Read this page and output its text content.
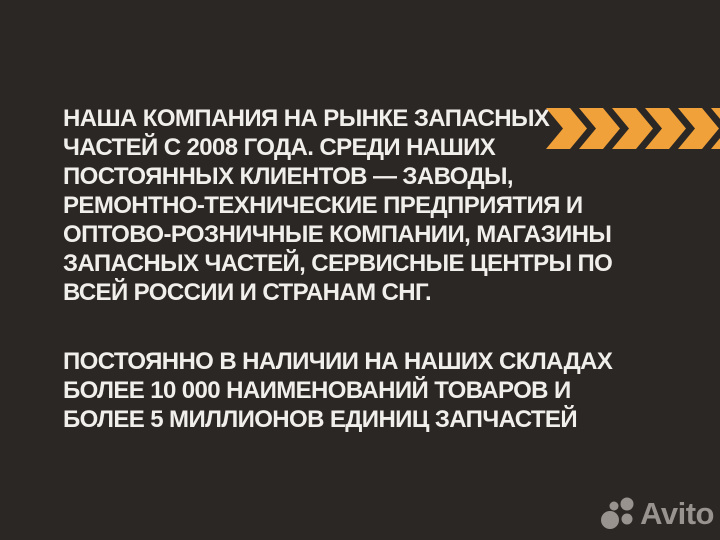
НАША КОМПАНИЯ НА РЫНКЕ ЗАПАСНЫХ
ЧАСТЕЙ С 2008 ГОДА. СРЕДИ НАШИХ
ПОСТОЯННЫХ КЛИЕНТОВ — ЗАВОДЫ,
РЕМОНТНО-ТЕХНИЧЕСКИЕ ПРЕДПРИЯТИЯ И
ОПТОВО-РОЗНИЧНЫЕ КОМПАНИИ, МАГАЗИНЫ
ЗАПАСНЫХ ЧАСТЕЙ, СЕРВИСНЫЕ ЦЕНТРЫ ПО
ВСЕЙ РОССИИ И СТРАНАМ СНГ.
ПОСТОЯННО В НАЛИЧИИ НА НАШИХ СКЛАДАХ
БОЛЕЕ 10 000 НАИМЕНОВАНИЙ ТОВАРОВ И
БОЛЕЕ 5 МИЛЛИОНОВ ЕДИНИЦ ЗАПЧАСТЕЙ
Avito
